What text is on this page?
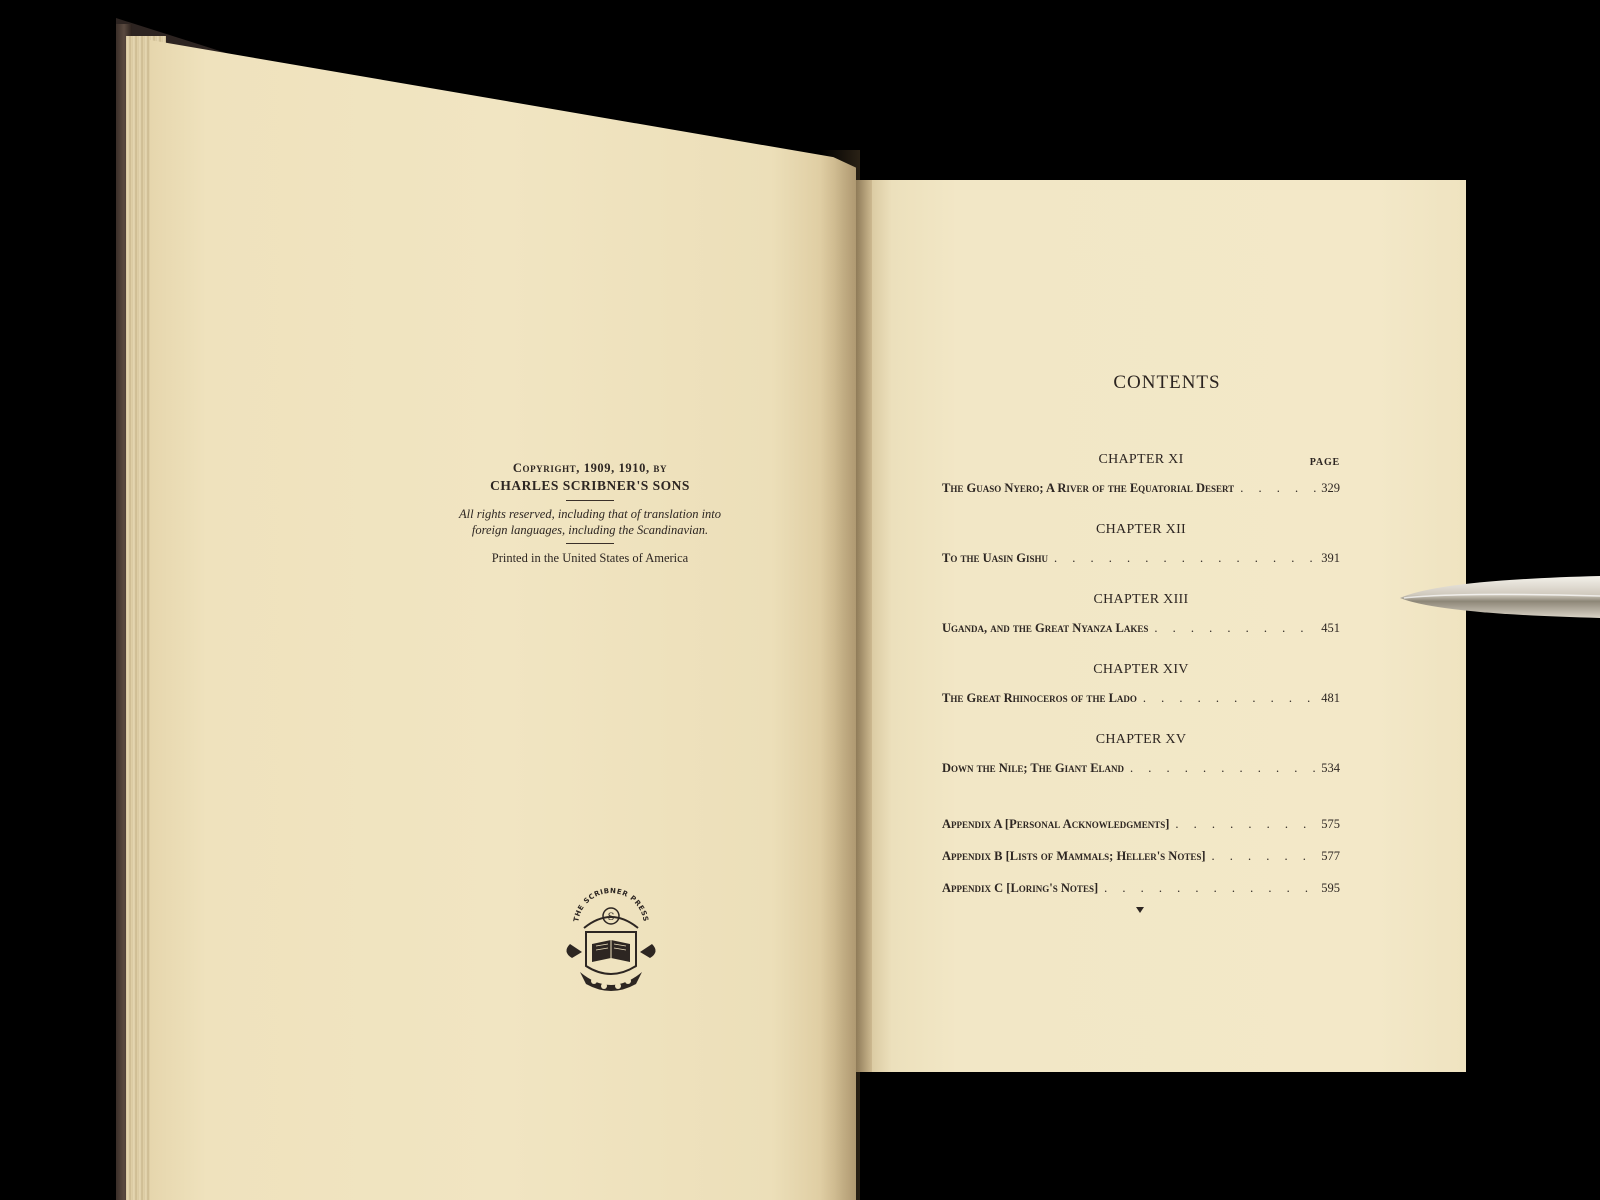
Copyright, 1909, 1910, by
CHARLES SCRIBNER'S SONS
All rights reserved, including that of translation into
foreign languages, including the Scandinavian.
Printed in the United States of America
THE SCRIBNER PRESS
S
CONTENTS
CHAPTER XI	PAGE
The Guaso Nyero; A River of the Equatorial Desert . . .	329
CHAPTER XII
To the Uasin Gishu . . .	391
CHAPTER XIII
Uganda, and the Great Nyanza Lakes . . .	451
CHAPTER XIV
The Great Rhinoceros of the Lado . . .	481
CHAPTER XV
Down the Nile; The Giant Eland . . .	534
Appendix A [Personal Acknowledgments] . . .	575
Appendix B [Lists of Mammals; Heller's Notes] . . .	577
Appendix C [Loring's Notes] . . .	595
